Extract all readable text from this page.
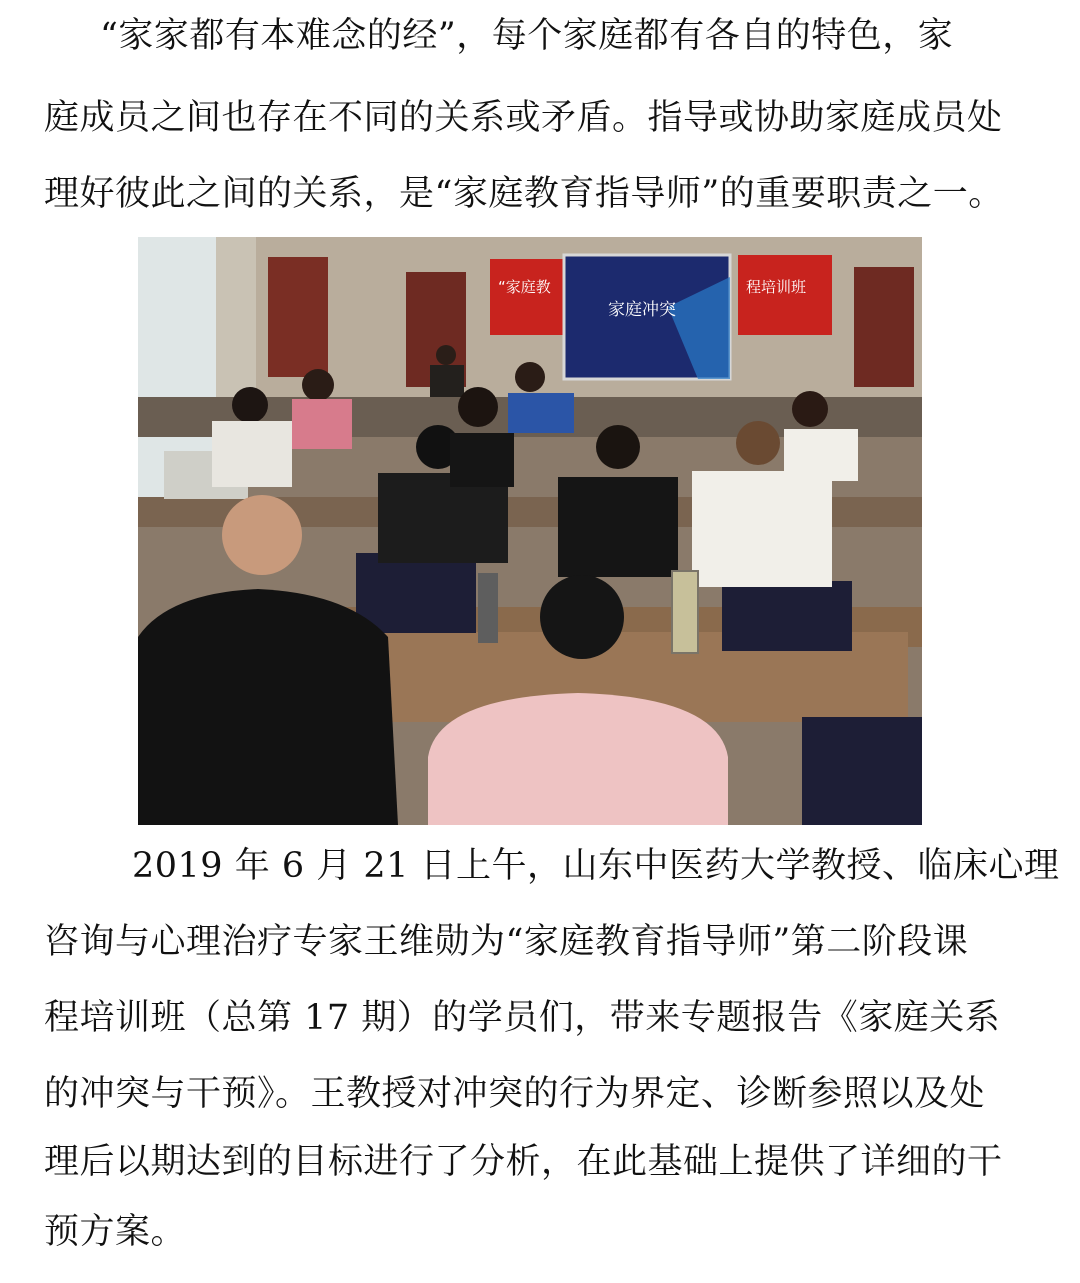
“家家都有本难念的经”，每个家庭都有各自的特色，家
庭成员之间也存在不同的关系或矛盾。指导或协助家庭成员处
理好彼此之间的关系，是“家庭教育指导师”的重要职责之一。
“家庭教	程培训班
家庭冲突
2019 年 6 月 21 日上午，山东中医药大学教授、临床心理
咨询与心理治疗专家王维勋为“家庭教育指导师”第二阶段课
程培训班（总第 17 期）的学员们，带来专题报告《家庭关系
的冲突与干预》。王教授对冲突的行为界定、诊断参照以及处
理后以期达到的目标进行了分析，在此基础上提供了详细的干
预方案。
